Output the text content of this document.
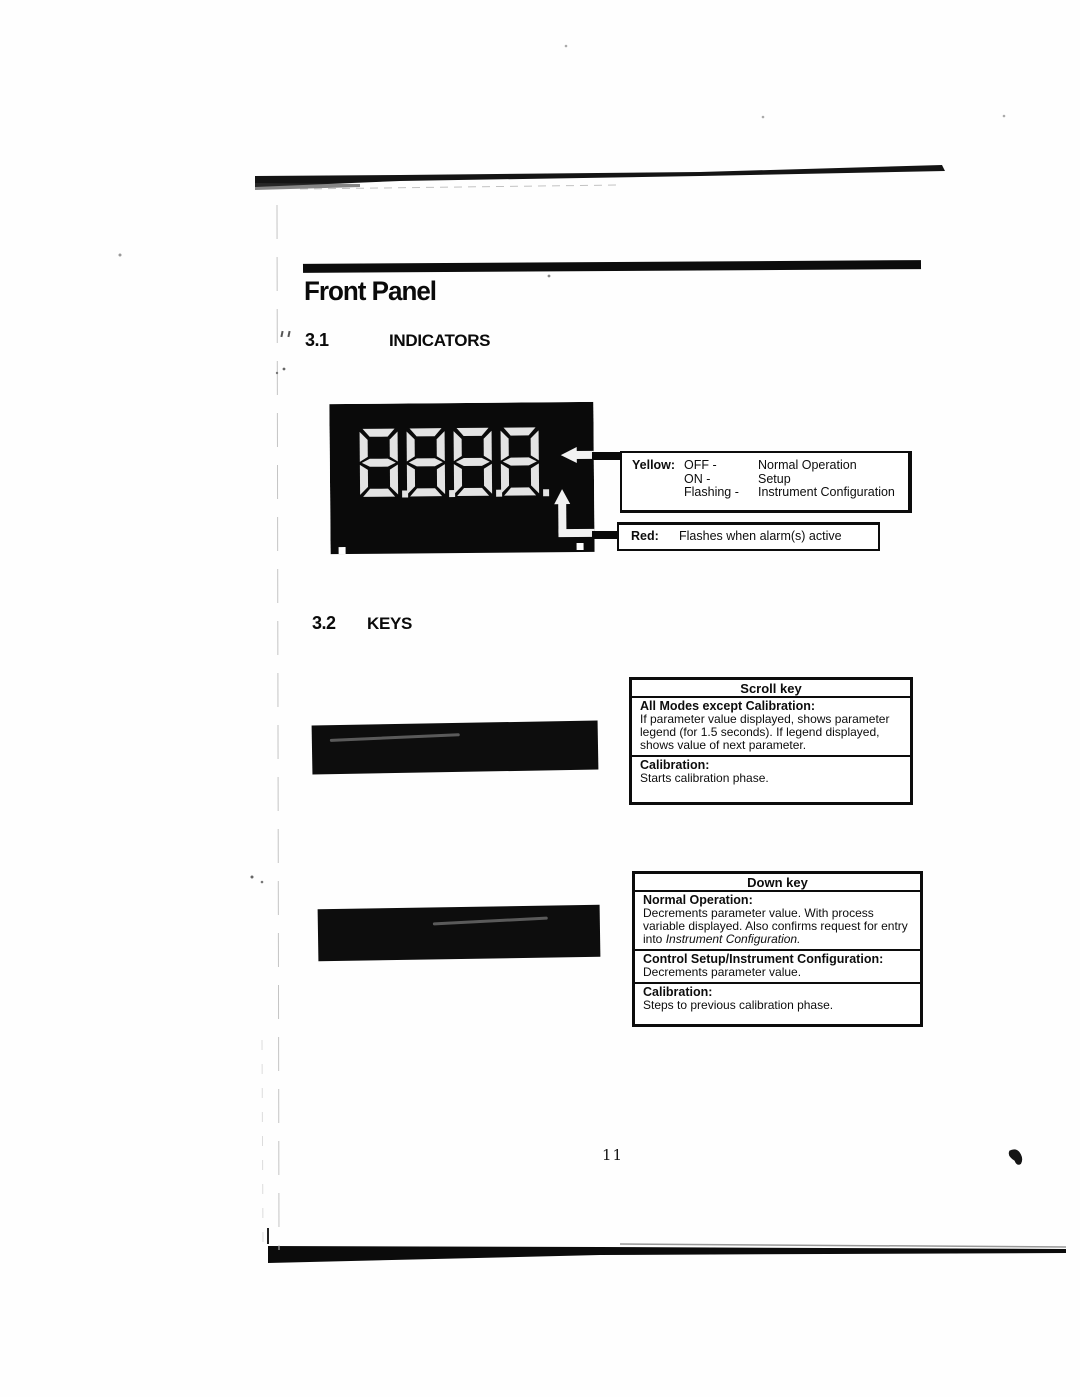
Front Panel
3.1	INDICATORS
Yellow: OFF -	Normal Operation
ON -	Setup
Flashing -	Instrument Configuration
Red:	Flashes when alarm(s) active
3.2 KEYS
Scroll key
All Modes except Calibration:
If parameter value displayed, shows parameter legend (for 1.5 seconds). If legend displayed, shows value of next parameter.
Calibration:
Starts calibration phase.
Down key
Normal Operation:
Decrements parameter value. With process variable displayed. Also confirms request for entry into Instrument Configuration.
Control Setup/Instrument Configuration:
Decrements parameter value.
Calibration:
Steps to previous calibration phase.
11
